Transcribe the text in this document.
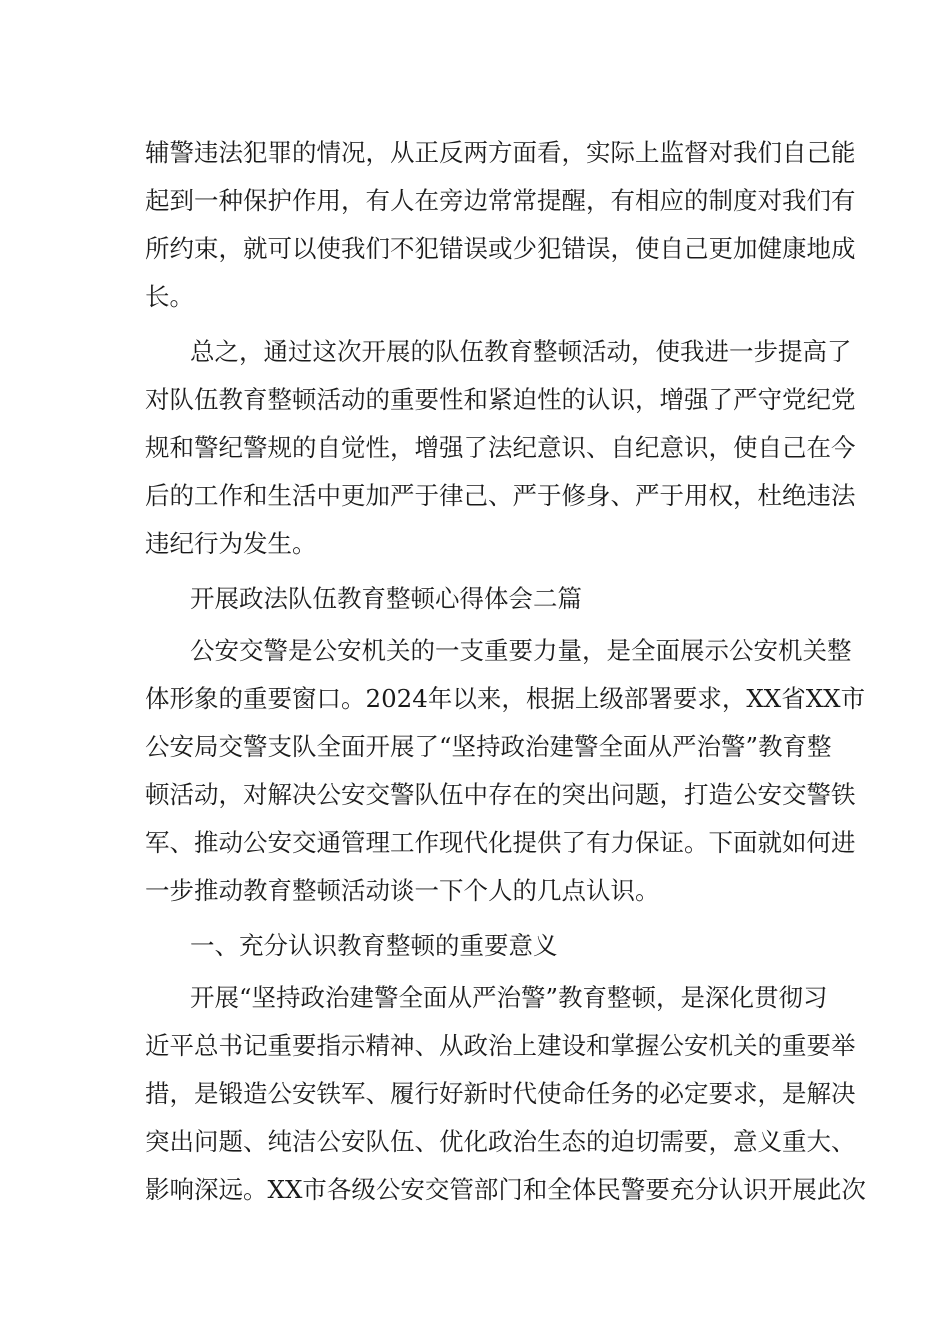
辅警违法犯罪的情况，从正反两方面看，实际上监督对我们自己能
起到一种保护作用，有人在旁边常常提醒，有相应的制度对我们有
所约束，就可以使我们不犯错误或少犯错误，使自己更加健康地成
长。
总之，通过这次开展的队伍教育整顿活动，使我进一步提高了
对队伍教育整顿活动的重要性和紧迫性的认识，增强了严守党纪党
规和警纪警规的自觉性，增强了法纪意识、自纪意识，使自己在今
后的工作和生活中更加严于律己、严于修身、严于用权，杜绝违法
违纪行为发生。
开展政法队伍教育整顿心得体会二篇
公安交警是公安机关的一支重要力量，是全面展示公安机关整
体形象的重要窗口。2024年以来，根据上级部署要求，XX省XX市
公安局交警支队全面开展了“坚持政治建警全面从严治警”教育整
顿活动，对解决公安交警队伍中存在的突出问题，打造公安交警铁
军、推动公安交通管理工作现代化提供了有力保证。下面就如何进
一步推动教育整顿活动谈一下个人的几点认识。
一、充分认识教育整顿的重要意义
开展“坚持政治建警全面从严治警”教育整顿，是深化贯彻习
近平总书记重要指示精神、从政治上建设和掌握公安机关的重要举
措，是锻造公安铁军、履行好新时代使命任务的必定要求，是解决
突出问题、纯洁公安队伍、优化政治生态的迫切需要，意义重大、
影响深远。XX市各级公安交管部门和全体民警要充分认识开展此次
